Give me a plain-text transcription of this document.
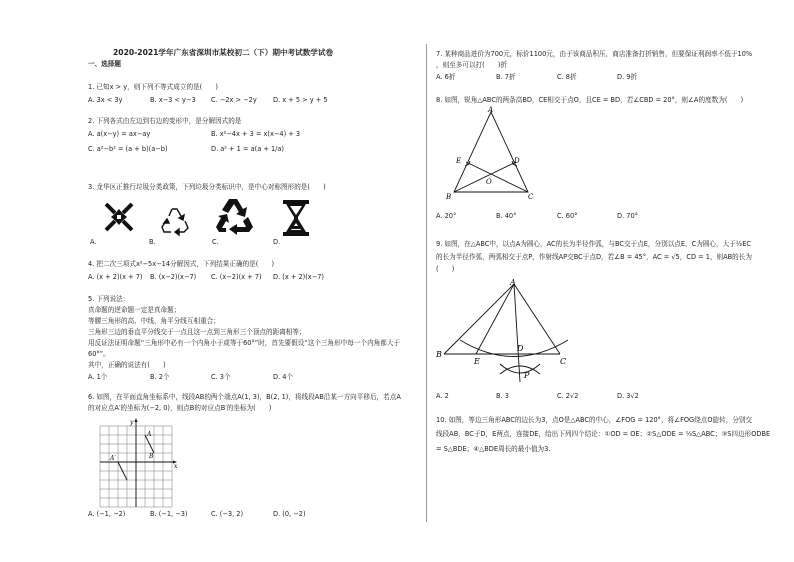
2020-2021学年广东省深圳市某校初二（下）期中考试数学试卷
一、选择题
1. 已知x > y，则下列不等式成立的是(　　)
A. 3x < 3y	B. x−3 < y−3 C. −2x > −2y D. x + 5 > y + 5
2. 下列各式由左边到右边的变形中，是分解因式的是
A. a(x−y) = ax−ay	B. x²−4x + 3 = x(x−4) + 3
C. a²−b² = (a + b)(a−b)	D. a² + 1 = a(a + 1/a)
3. 龙华区正推行垃圾分类政策，下列垃圾分类标识中，是中心对称图形的是(　　)
A.	B.	C.	D.
4. 把二次三项式x²−5x−14分解因式，下列结果正确的是(　　)
A. (x + 2)(x + 7) B. (x−2)(x−7) C. (x−2)(x + 7) D. (x + 2)(x−7)
5. 下列说法：
真命题的逆命题一定是真命题；
等腰三角形的高、中线、角平分线互相重合；
三角形三边的垂直平分线交于一点且这一点到三角形三个顶点的距离相等；
用反证法证明命题“三角形中必有一个内角小于或等于60°”时，首先要假设“这个三角形中每一个内角都大于
60°”。
其中，正确的说法有(　　)
A. 1个	B. 2个	C. 3个	D. 4个
6. 如图，在平面直角坐标系中，线段AB的两个端点A(1, 3)，B(2, 1)，将线段AB沿某一方向平移后，若点A
的对应点A′的坐标为(−2, 0)，则点B的对应点B′的坐标为(　　)
y
x
A
B
A′
A. (−1, −2)	B. (−1, −3)	C. (−3, 2)	D. (0, −2)
7. 某种商品进价为700元，标价1100元，由于该商品积压，商店准备打折销售，但要保证利润率不低于10%
，则至多可以打(　　)折
A. 6折	B. 7折	C. 8折	D. 9折
8. 如图，锐角△ABC的两条高BD，CE相交于点O，且CE = BD，若∠CBD = 20°，则∠A的度数为(　　)
A
E	D
O
B	C
A. 20°	B. 40°	C. 60°	D. 70°
9. 如图，在△ABC中，以点A为圆心，AC的长为半径作弧，与BC交于点E，分别以点E、C为圆心，大于½EC
的长为半径作弧，两弧相交于点P，作射线AP交BC于点D，若∠B = 45°，AC = √5，CD = 1，则AB的长为
(　　)
A
B
E
D
C
P
A. 2	B. 3	C. 2√2	D. 3√2
10. 如图，等边三角形ABC的边长为3，点O是△ABC的中心，∠FOG = 120°，将∠FOG绕点O旋转，分别交
线段AB，BC于D，E两点，连接DE，给出下列四个结论：①OD = OE；②S△ODE = ⅓S△ABC；③S四边形ODBE
= S△BDE；④△BDE周长的最小值为3.
